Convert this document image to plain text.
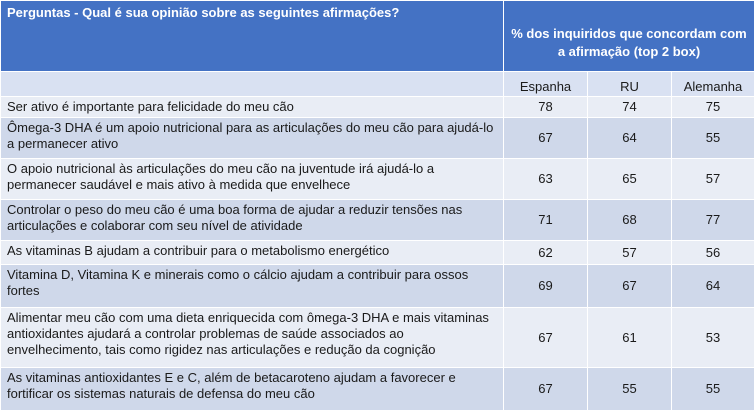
Perguntas - Qual é sua opinião sobre as seguintes afirmações?	% dos inquiridos que concordam com a afirmação (top 2 box)		
	Espanha	RU	Alemanha
Ser ativo é importante para felicidade do meu cão	78	74	75
Ômega-3 DHA é um apoio nutricional para as articulações do meu cão para ajudá-lo a permanecer ativo	67	64	55
O apoio nutricional às articulações do meu cão na juventude irá ajudá-lo a permanecer saudável e mais ativo à medida que envelhece	63	65	57
Controlar o peso do meu cão é uma boa forma de ajudar a reduzir tensões nas articulações e colaborar com seu nível de atividade	71	68	77
As vitaminas B ajudam a contribuir para o metabolismo energético	62	57	56
Vitamina D, Vitamina K e minerais como o cálcio ajudam a contribuir para ossos fortes	69	67	64
Alimentar meu cão com uma dieta enriquecida com ômega-3 DHA e mais vitaminas antioxidantes ajudará a controlar problemas de saúde associados ao envelhecimento, tais como rigidez nas articulações e redução da cognição	67	61	53
As vitaminas antioxidantes E e C, além de betacaroteno ajudam a favorecer e fortificar os sistemas naturais de defensa do meu cão	67	55	55
